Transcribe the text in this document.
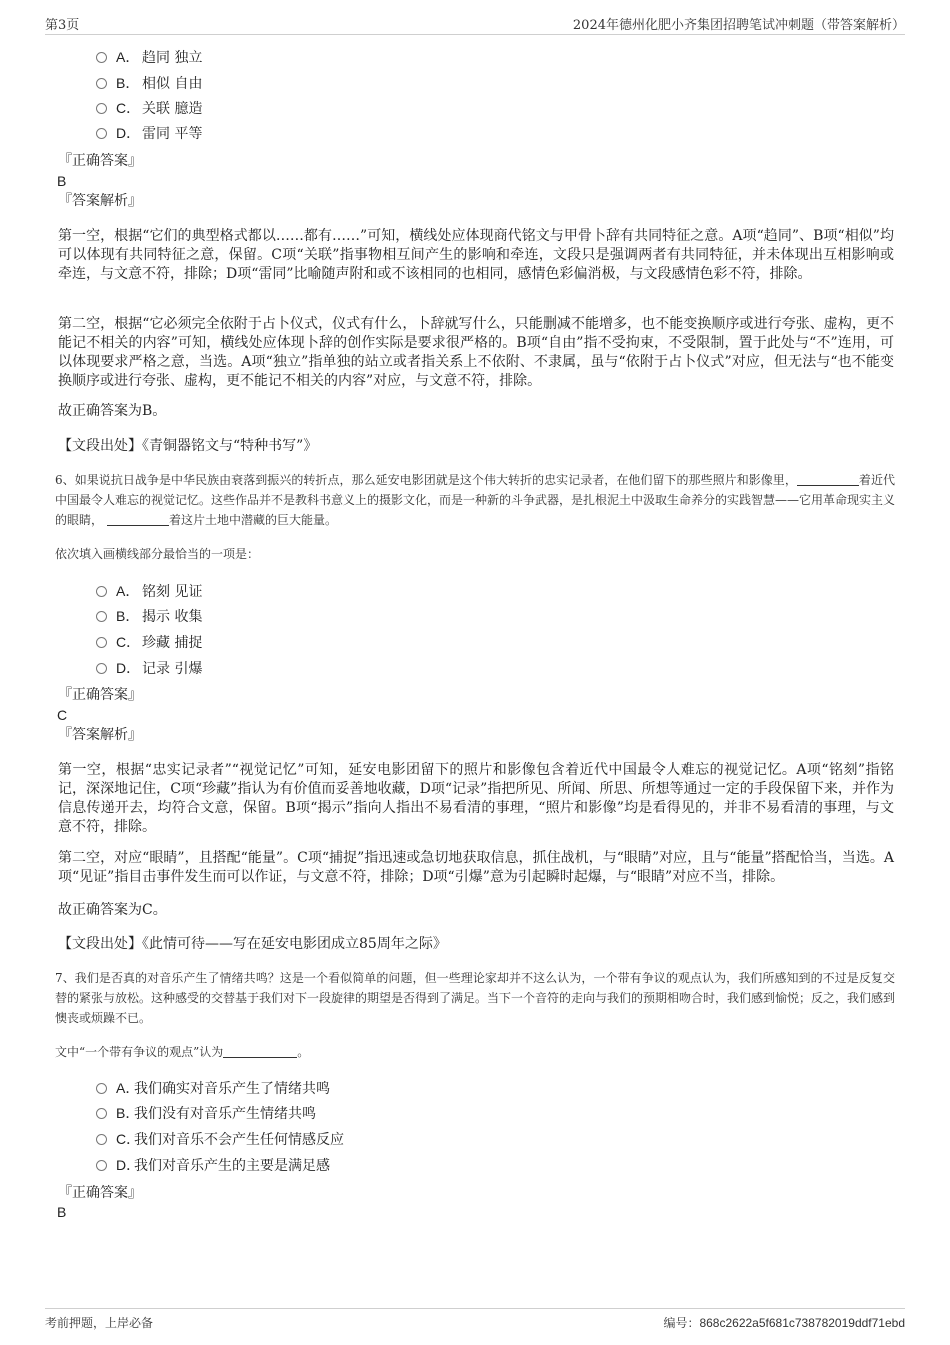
第3页	2024年德州化肥小齐集团招聘笔试冲刺题（带答案解析）
A． 趋同 独立
B． 相似 自由
C． 关联 臆造
D． 雷同 平等
『正确答案』
B
『答案解析』

第一空，根据“它们的典型格式都以……都有……”可知，横线处应体现商代铭文与甲骨卜辞有共同特征之意。A项“趋同”、B项“相似”均可以体现有共同特征之意，保留。C项“关联”指事物相互间产生的影响和牵连，文段只是强调两者有共同特征，并未体现出互相影响或牵连，与文意不符，排除；D项“雷同”比喻随声附和或不该相同的也相同，感情色彩偏消极，与文段感情色彩不符，排除。

第二空，根据“它必须完全依附于占卜仪式，仪式有什么，卜辞就写什么，只能删减不能增多，也不能变换顺序或进行夸张、虚构，更不能记不相关的内容”可知，横线处应体现卜辞的创作实际是要求很严格的。B项“自由”指不受拘束，不受限制，置于此处与“不”连用，可以体现要求严格之意，当选。A项“独立”指单独的站立或者指关系上不依附、不隶属，虽与“依附于占卜仪式”对应，但无法与“也不能变换顺序或进行夸张、虚构，更不能记不相关的内容”对应，与文意不符，排除。

故正确答案为B。

【文段出处】《青铜器铭文与“特种书写”》

6、如果说抗日战争是中华民族由衰落到振兴的转折点，那么延安电影团就是这个伟大转折的忠实记录者，在他们留下的那些照片和影像里，	着近代中国最令人难忘的视觉记忆。这些作品并不是教科书意义上的摄影文化，而是一种新的斗争武器，是扎根泥土中汲取生命养分的实践智慧——它用革命现实主义的眼睛，	着这片土地中潜藏的巨大能量。

依次填入画横线部分最恰当的一项是：

A． 铭刻 见证
B． 揭示 收集
C． 珍藏 捕捉
D． 记录 引爆
『正确答案』
C
『答案解析』

第一空，根据“忠实记录者”“视觉记忆”可知，延安电影团留下的照片和影像包含着近代中国最令人难忘的视觉记忆。A项“铭刻”指铭记，深深地记住，C项“珍藏”指认为有价值而妥善地收藏，D项“记录”指把所见、所闻、所思、所想等通过一定的手段保留下来，并作为信息传递开去，均符合文意，保留。B项“揭示”指向人指出不易看清的事理，“照片和影像”均是看得见的，并非不易看清的事理，与文意不符，排除。

第二空，对应“眼睛”，且搭配“能量”。C项“捕捉”指迅速或急切地获取信息，抓住战机，与“眼睛”对应，且与“能量”搭配恰当，当选。A项“见证”指目击事件发生而可以作证，与文意不符，排除；D项“引爆”意为引起瞬时起爆，与“眼睛”对应不当，排除。

故正确答案为C。

【文段出处】《此情可待——写在延安电影团成立85周年之际》

7、我们是否真的对音乐产生了情绪共鸣？这是一个看似简单的问题，但一些理论家却并不这么认为，一个带有争议的观点认为，我们所感知到的不过是反复交替的紧张与放松。这种感受的交替基于我们对下一段旋律的期望是否得到了满足。当下一个音符的走向与我们的预期相吻合时，我们感到愉悦；反之，我们感到懊丧或烦躁不已。

文中“一个带有争议的观点”认为	。

A．我们确实对音乐产生了情绪共鸣
B．我们没有对音乐产生情绪共鸣
C．我们对音乐不会产生任何情感反应
D．我们对音乐产生的主要是满足感
『正确答案』
B
考前押题，上岸必备	编号：868c2622a5f681c738782019ddf71ebd
